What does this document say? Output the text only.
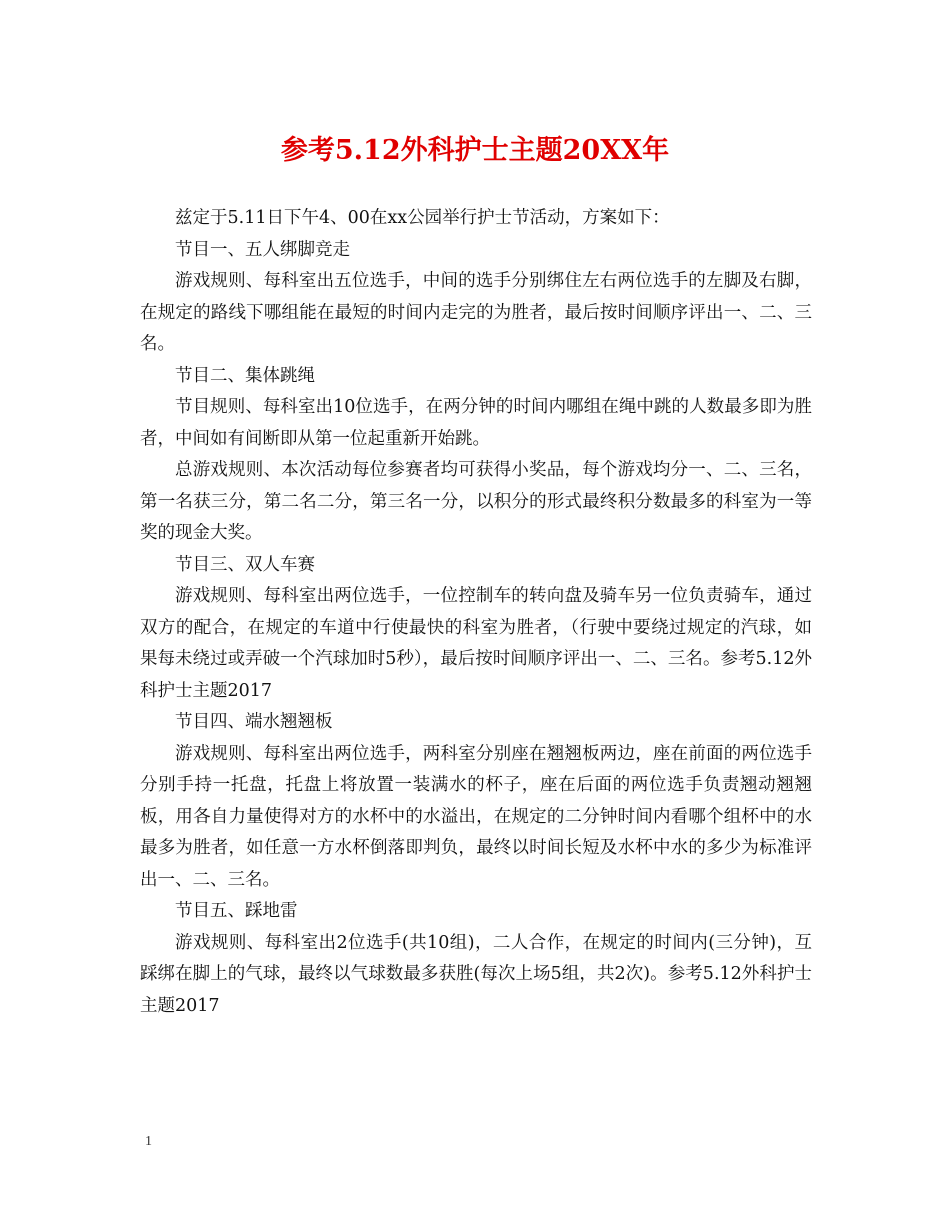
参考5.12外科护士主题20XX年

兹定于5.11日下午4、00在xx公园举行护士节活动，方案如下：

节目一、五人绑脚竞走

游戏规则、每科室出五位选手，中间的选手分别绑住左右两位选手的左脚及右脚，在规定的路线下哪组能在最短的时间内走完的为胜者，最后按时间顺序评出一、二、三名。

节目二、集体跳绳

节目规则、每科室出10位选手，在两分钟的时间内哪组在绳中跳的人数最多即为胜者，中间如有间断即从第一位起重新开始跳。

总游戏规则、本次活动每位参赛者均可获得小奖品，每个游戏均分一、二、三名，第一名获三分，第二名二分，第三名一分，以积分的形式最终积分数最多的科室为一等奖的现金大奖。

节目三、双人车赛

游戏规则、每科室出两位选手，一位控制车的转向盘及骑车另一位负责骑车，通过双方的配合，在规定的车道中行使最快的科室为胜者，（行驶中要绕过规定的汽球，如果每未绕过或弄破一个汽球加时5秒），最后按时间顺序评出一、二、三名。参考5.12外科护士主题2017

节目四、端水翘翘板

游戏规则、每科室出两位选手，两科室分别座在翘翘板两边，座在前面的两位选手分别手持一托盘，托盘上将放置一装满水的杯子，座在后面的两位选手负责翘动翘翘板，用各自力量使得对方的水杯中的水溢出，在规定的二分钟时间内看哪个组杯中的水最多为胜者，如任意一方水杯倒落即判负，最终以时间长短及水杯中水的多少为标准评出一、二、三名。

节目五、踩地雷

游戏规则、每科室出2位选手(共10组)，二人合作，在规定的时间内(三分钟)，互踩绑在脚上的气球，最终以气球数最多获胜(每次上场5组，共2次)。参考5.12外科护士主题2017

1
